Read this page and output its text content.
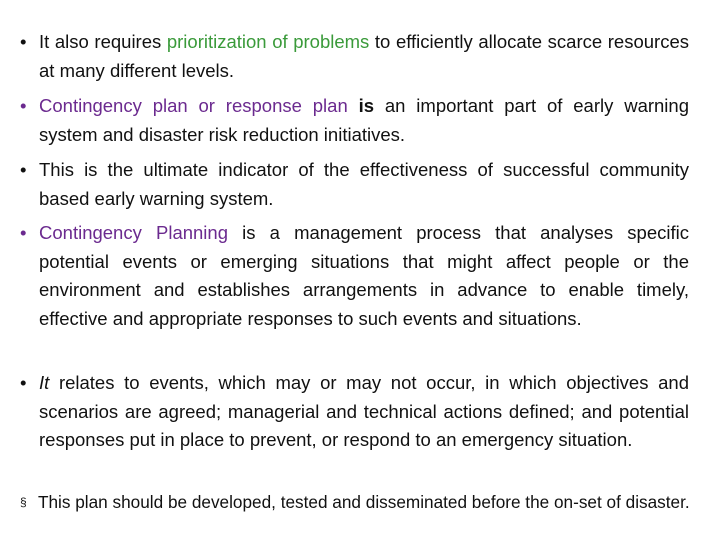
• It also requires prioritization of problems to efficiently allocate scarce resources at many different levels.

• Contingency plan or response plan is an important part of early warning system and disaster risk reduction initiatives.

• This is the ultimate indicator of the effectiveness of successful community based early warning system.

• Contingency Planning is a management process that analyses specific potential events or emerging situations that might affect people or the environment and establishes arrangements in advance to enable timely, effective and appropriate responses to such events and situations.

• It relates to events, which may or may not occur, in which objectives and scenarios are agreed; managerial and technical actions defined; and potential responses put in place to prevent, or respond to an emergency situation.

§ This plan should be developed, tested and disseminated before the on-set of disaster.
